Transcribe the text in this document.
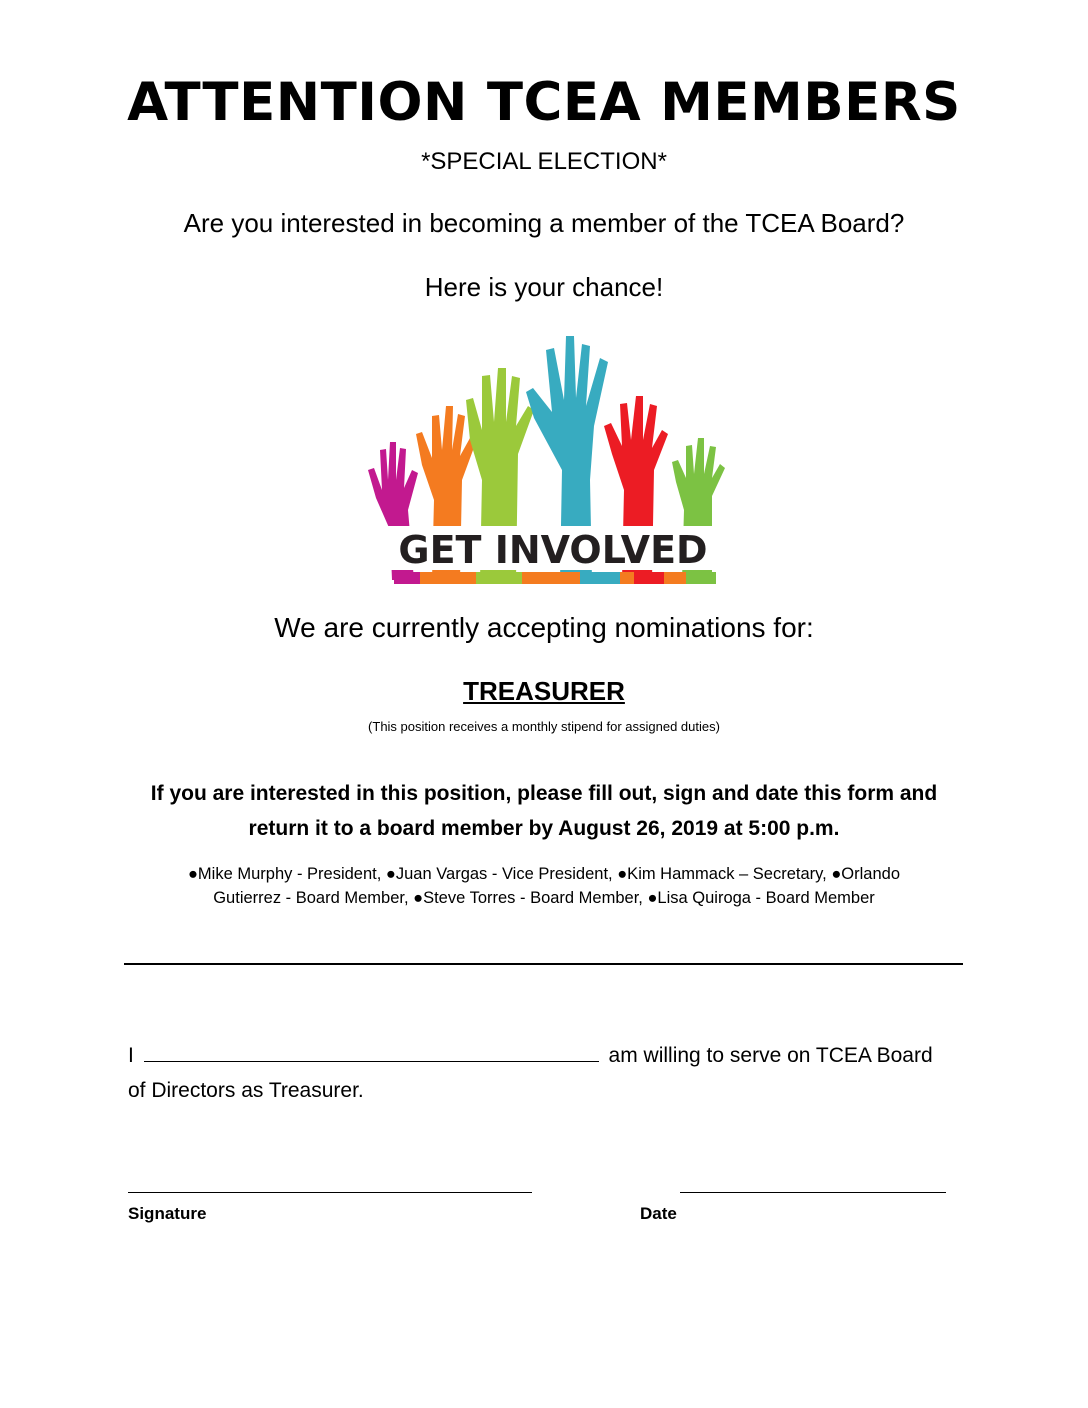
ATTENTION TCEA MEMBERS
*SPECIAL ELECTION*
Are you interested in becoming a member of the TCEA Board?
Here is your chance!
GET INVOLVED
We are currently accepting nominations for:
TREASURER
(This position receives a monthly stipend for assigned duties)
If you are interested in this position, please fill out, sign and date this form and
return it to a board member by August 26, 2019 at 5:00 p.m.
●Mike Murphy - President, ●Juan Vargas - Vice President, ●Kim Hammack – Secretary, ●Orlando
Gutierrez - Board Member, ●Steve Torres - Board Member, ●Lisa Quiroga - Board Member
I	am willing to serve on TCEA Board
of Directors as Treasurer.
Signature	Date
